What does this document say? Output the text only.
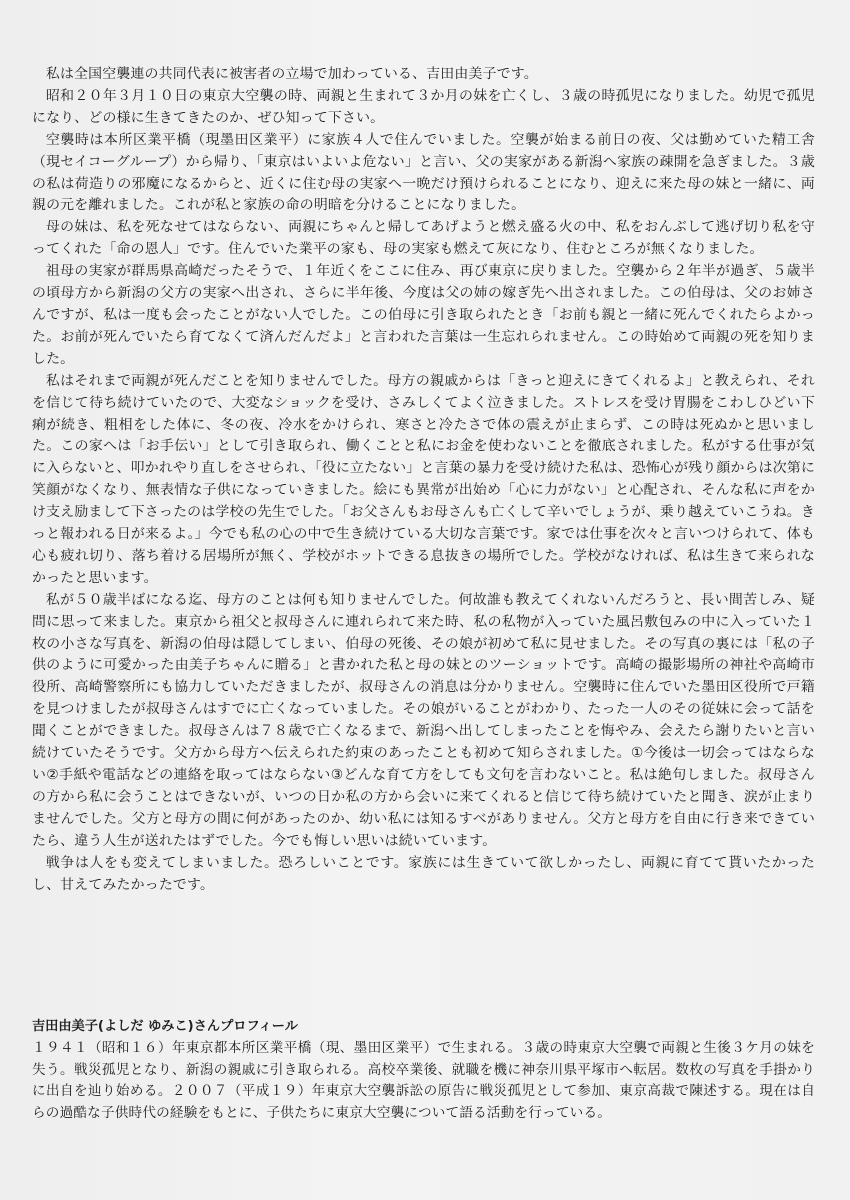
私は全国空襲連の共同代表に被害者の立場で加わっている、吉田由美子です。

昭和２０年３月１０日の東京大空襲の時、両親と生まれて３か月の妹を亡くし、３歳の時孤児になりました。幼児で孤児になり、どの様に生きてきたのか、ぜひ知って下さい。

空襲時は本所区業平橋（現墨田区業平）に家族４人で住んでいました。空襲が始まる前日の夜、父は勤めていた精工舎（現セイコーグループ）から帰り、「東京はいよいよ危ない」と言い、父の実家がある新潟へ家族の疎開を急ぎました。３歳の私は荷造りの邪魔になるからと、近くに住む母の実家へ一晩だけ預けられることになり、迎えに来た母の妹と一緒に、両親の元を離れました。これが私と家族の命の明暗を分けることになりました。

母の妹は、私を死なせてはならない、両親にちゃんと帰してあげようと燃え盛る火の中、私をおんぶして逃げ切り私を守ってくれた「命の恩人」です。住んでいた業平の家も、母の実家も燃えて灰になり、住むところが無くなりました。

祖母の実家が群馬県高崎だったそうで、１年近くをここに住み、再び東京に戻りました。空襲から２年半が過ぎ、５歳半の頃母方から新潟の父方の実家へ出され、さらに半年後、今度は父の姉の嫁ぎ先へ出されました。この伯母は、父のお姉さんですが、私は一度も会ったことがない人でした。この伯母に引き取られたとき「お前も親と一緒に死んでくれたらよかった。お前が死んでいたら育てなくて済んだんだよ」と言われた言葉は一生忘れられません。この時始めて両親の死を知りました。

私はそれまで両親が死んだことを知りませんでした。母方の親戚からは「きっと迎えにきてくれるよ」と教えられ、それを信じて待ち続けていたので、大変なショックを受け、さみしくてよく泣きました。ストレスを受け胃腸をこわしひどい下痢が続き、粗相をした体に、冬の夜、冷水をかけられ、寒さと冷たさで体の震えが止まらず、この時は死ぬかと思いました。この家へは「お手伝い」として引き取られ、働くことと私にお金を使わないことを徹底されました。私がする仕事が気に入らないと、叩かれやり直しをさせられ、「役に立たない」と言葉の暴力を受け続けた私は、恐怖心が残り顔からは次第に笑顔がなくなり、無表情な子供になっていきました。絵にも異常が出始め「心に力がない」と心配され、そんな私に声をかけ支え励まして下さったのは学校の先生でした。「お父さんもお母さんも亡くして辛いでしょうが、乗り越えていこうね。きっと報われる日が来るよ。」今でも私の心の中で生き続けている大切な言葉です。家では仕事を次々と言いつけられて、体も心も疲れ切り、落ち着ける居場所が無く、学校がホットできる息抜きの場所でした。学校がなければ、私は生きて来られなかったと思います。

私が５０歳半ばになる迄、母方のことは何も知りませんでした。何故誰も教えてくれないんだろうと、長い間苦しみ、疑問に思って来ました。東京から祖父と叔母さんに連れられて来た時、私の私物が入っていた風呂敷包みの中に入っていた１枚の小さな写真を、新潟の伯母は隠してしまい、伯母の死後、その娘が初めて私に見せました。その写真の裏には「私の子供のように可愛かった由美子ちゃんに贈る」と書かれた私と母の妹とのツーショットです。高崎の撮影場所の神社や高崎市役所、高崎警察所にも協力していただきましたが、叔母さんの消息は分かりません。空襲時に住んでいた墨田区役所で戸籍を見つけましたが叔母さんはすでに亡くなっていました。その娘がいることがわかり、たった一人のその従妹に会って話を聞くことができました。叔母さんは７８歳で亡くなるまで、新潟へ出してしまったことを悔やみ、会えたら謝りたいと言い続けていたそうです。父方から母方へ伝えられた約束のあったことも初めて知らされました。①今後は一切会ってはならない②手紙や電話などの連絡を取ってはならない③どんな育て方をしても文句を言わないこと。私は絶句しました。叔母さんの方から私に会うことはできないが、いつの日か私の方から会いに来てくれると信じて待ち続けていたと聞き、涙が止まりませんでした。父方と母方の間に何があったのか、幼い私には知るすべがありません。父方と母方を自由に行き来できていたら、違う人生が送れたはずでした。今でも悔しい思いは続いています。

戦争は人をも変えてしまいました。恐ろしいことです。家族には生きていて欲しかったし、両親に育てて貰いたかったし、甘えてみたかったです。

吉田由美子(よしだ ゆみこ)さんプロフィール

１９４１（昭和１６）年東京都本所区業平橋（現、墨田区業平）で生まれる。３歳の時東京大空襲で両親と生後３ケ月の妹を失う。戦災孤児となり、新潟の親戚に引き取られる。高校卒業後、就職を機に神奈川県平塚市へ転居。数枚の写真を手掛かりに出自を辿り始める。２００７（平成１９）年東京大空襲訴訟の原告に戦災孤児として参加、東京高裁で陳述する。現在は自らの過酷な子供時代の経験をもとに、子供たちに東京大空襲について語る活動を行っている。
